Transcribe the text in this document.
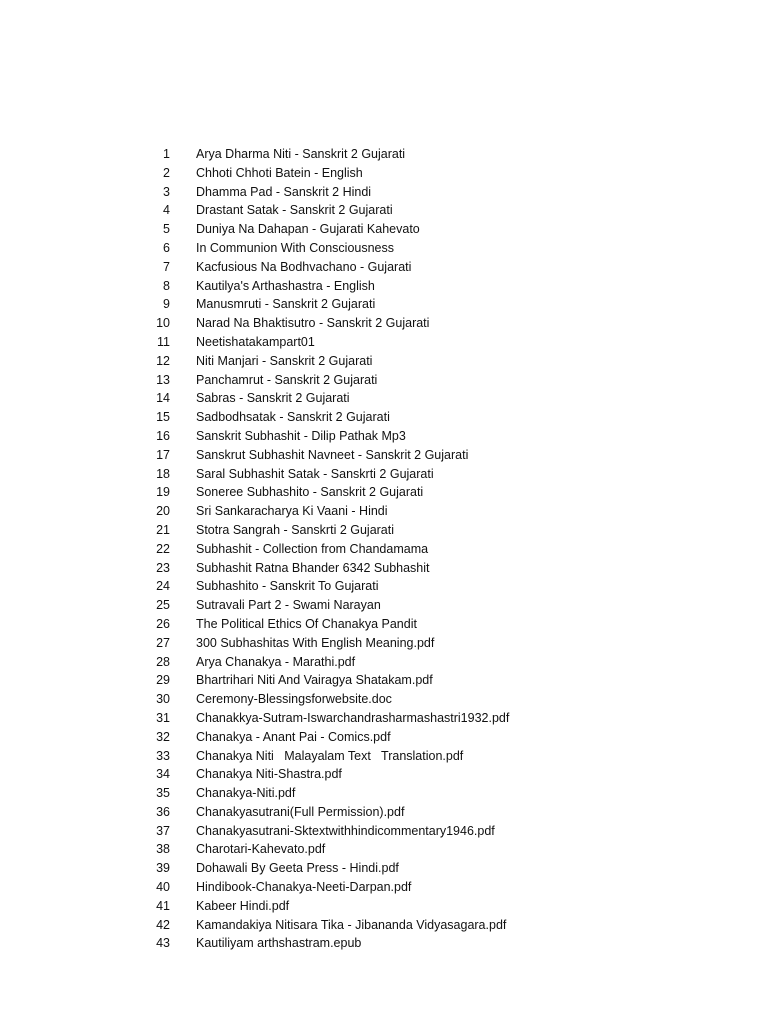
1 Arya Dharma Niti - Sanskrit 2 Gujarati
2 Chhoti Chhoti Batein - English
3 Dhamma Pad - Sanskrit 2 Hindi
4 Drastant Satak - Sanskrit 2 Gujarati
5 Duniya Na Dahapan - Gujarati Kahevato
6 In Communion With Consciousness
7 Kacfusious Na Bodhvachano - Gujarati
8 Kautilya's Arthashastra - English
9 Manusmruti - Sanskrit 2 Gujarati
10 Narad Na Bhaktisutro - Sanskrit 2 Gujarati
11 Neetishatakampart01
12 Niti Manjari - Sanskrit 2 Gujarati
13 Panchamrut - Sanskrit 2 Gujarati
14 Sabras - Sanskrit 2 Gujarati
15 Sadbodhsatak - Sanskrit 2 Gujarati
16 Sanskrit Subhashit - Dilip Pathak Mp3
17 Sanskrut Subhashit Navneet - Sanskrit 2 Gujarati
18 Saral Subhashit Satak - Sanskrti 2 Gujarati
19 Soneree Subhashito - Sanskrit 2 Gujarati
20 Sri Sankaracharya Ki Vaani - Hindi
21 Stotra Sangrah - Sanskrti 2 Gujarati
22 Subhashit - Collection from Chandamama
23 Subhashit Ratna Bhander 6342 Subhashit
24 Subhashito - Sanskrit To Gujarati
25 Sutravali Part 2 - Swami Narayan
26 The Political Ethics Of Chanakya Pandit
27 300 Subhashitas With English Meaning.pdf
28 Arya Chanakya - Marathi.pdf
29 Bhartrihari Niti And Vairagya Shatakam.pdf
30 Ceremony-Blessingsforwebsite.doc
31 Chanakkya-Sutram-Iswarchandrasharmashastri1932.pdf
32 Chanakya - Anant Pai - Comics.pdf
33 Chanakya Niti   Malayalam Text   Translation.pdf
34 Chanakya Niti-Shastra.pdf
35 Chanakya-Niti.pdf
36 Chanakyasutrani(Full Permission).pdf
37 Chanakyasutrani-Sktextwithhindicommentary1946.pdf
38 Charotari-Kahevato.pdf
39 Dohawali By Geeta Press - Hindi.pdf
40 Hindibook-Chanakya-Neeti-Darpan.pdf
41 Kabeer Hindi.pdf
42 Kamandakiya Nitisara Tika - Jibananda Vidyasagara.pdf
43 Kautiliyam arthshastram.epub
